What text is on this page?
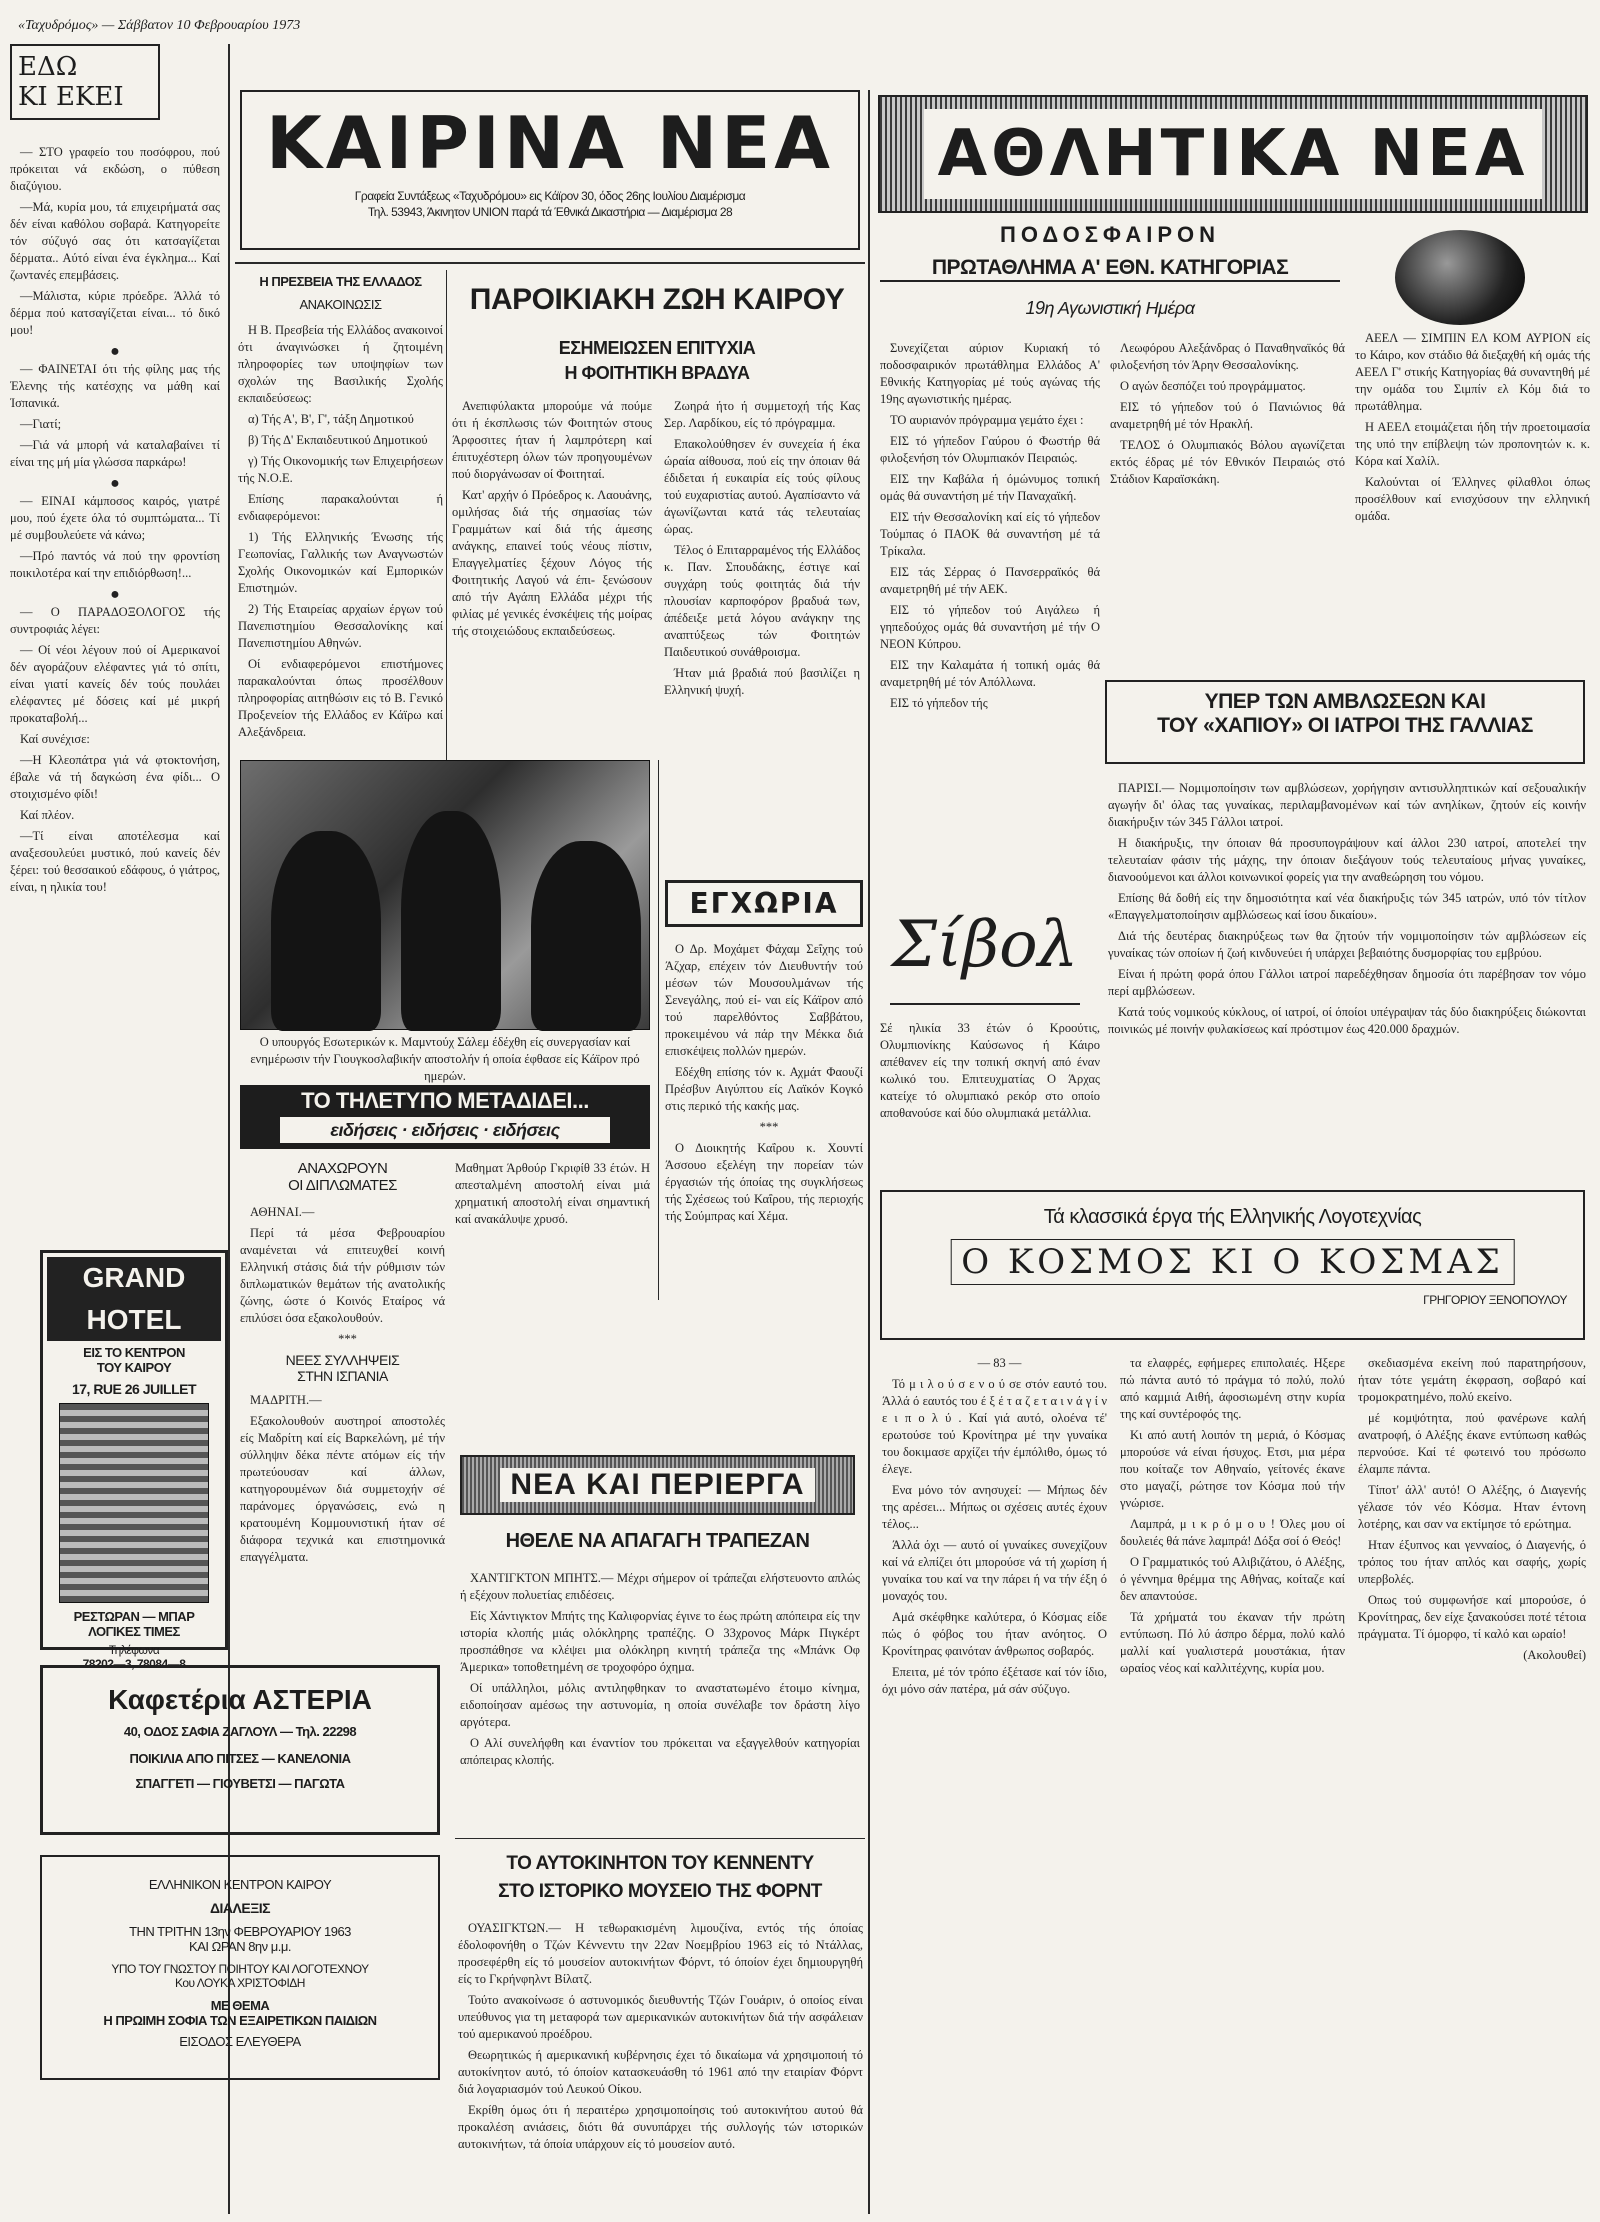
«Ταχυδρόμος» — Σάββατον 10 Φεβρουαρίου 1973
ΕΔΩ
ΚΙ ΕΚΕΙ

— ΣΤΟ γραφείο του ποσόφρου, πού πρόκειται νά εκδώση, ο πύθεση διαζύγιου.

—Μά, κυρία μου, τά επιχειρήματά σας δέν είναι καθόλου σοβαρά. Κατηγορείτε τόν σύζυγό σας ότι κατσαγίζεται δέρματα.. Αύτό είναι ένα έγκλημα... Καί ζωντανές επεμβάσεις.

—Μάλιστα, κύριε πρόεδρε. Άλλά τό δέρμα πού κατσαγίζεται είναι... τό δικό μου!

●

— ΦΑΙΝΕΤΑΙ ότι τής φίλης μας τής Έλενης τής κατέσχης να μάθη καί Ίσπανικά.

—Γιατί;

—Γιά νά μπορή νά καταλαβαίνει τί είναι της μή μία γλώσσα παρκάρω!

●

— ΕΙΝΑΙ κάμποσος καιρός, γιατρέ μου, πού έχετε όλα τό συμπτώματα... Τί μέ συμβουλεύετε νά κάνω;

—Πρό παντός νά πού την φροντίση ποικιλοτέρα καί την επιδιόρθωση!...

●

— Ο ΠΑΡΑΔΟΞΟΛΟΓΟΣ τής συντροφιάς λέγει:

— Οί νέοι λέγουν πού οί Αμερικανοί δέν αγοράζουν ελέφαντες γιά τό σπίτι, είναι γιατί κανείς δέν τούς πουλάει ελέφαντες μέ δόσεις καί μέ μικρή προκαταβολή...

Καί συνέχισε:

—Η Κλεοπάτρα γιά νά φτοκτονήση, έβαλε νά τή δαγκώση ένα φίδι... Ο στοιχισμένο φίδι!

Καί πλέον.

—Τί είναι αποτέλεσμα καί αναξεσουλεύει μυστικό, πού κανείς δέν ξέρει: τού θεσσαικού εδάφους, ό γιάτρος, είναι, η ηλικία του!

GRAND HOTEL
ΕΙΣ ΤΟ ΚΕΝΤΡΟΝ
ΤΟΥ ΚΑΙΡΟΥ
17, RUE 26 JUILLET
ΡΕΣΤΩΡΑΝ — ΜΠΑΡ
ΛΟΓΙΚΕΣ ΤΙΜΕΣ
Τηλέφωνα
78202—3, 78084—8
Καφετέρια ΑΣΤΕΡΙΑ
40, ΟΔΟΣ ΣΑΦΙΑ ΖΑΓΛΟΥΛ — Τηλ. 22298
ΠΟΙΚΙΛΙΑ ΑΠΟ ΠΙΤΣΕΣ — ΚΑΝΕΛΟΝΙΑ
ΣΠΑΓΓΕΤΙ — ΓΙΟΥΒΕΤΣΙ — ΠΑΓΩΤΑ
ΕΛΛΗΝΙΚΟΝ ΚΕΝΤΡΟΝ ΚΑΙΡΟΥ
ΔΙΑΛΕΞΙΣ
ΤΗΝ ΤΡΙΤΗΝ 13ην ΦΕΒΡΟΥΑΡΙΟΥ 1963
ΚΑΙ ΩΡΑΝ 8ην μ.μ.
ΥΠΟ ΤΟΥ ΓΝΩΣΤΟΥ ΠΟΙΗΤΟΥ ΚΑΙ ΛΟΓΟΤΕΧΝΟΥ
Κου ΛΟΥΚΑ ΧΡΙΣΤΟΦΙΔΗ
ΜΕ ΘΕΜΑ
Η ΠΡΩΙΜΗ ΣΟΦΙΑ ΤΩΝ ΕΞΑΙΡΕΤΙΚΩΝ ΠΑΙΔΙΩΝ
ΕΙΣΟΔΟΣ ΕΛΕΥΘΕΡΑ
ΚΑΙΡΙΝΑ ΝΕΑ
Γραφεία Συντάξεως «Ταχυδρόμου» εις Κάϊρον 30, όδος 26ης Ιουλίου Διαμέρισμα
Τηλ. 53943, Άκινητον UNION παρά τά Έθνικά Δικαστήρια — Διαμέρισμα 28
Η ΠΡΕΣΒΕΙΑ ΤΗΣ ΕΛΛΑΔΟΣ
ΑΝΑΚΟΙΝΩΣΙΣ

Η Β. Πρεσβεία τής Ελλάδος ανακοινοί ότι άναγινώσκει ή ζητοιμένη πληροφορίες των υποψηφίων των σχολών της Βασιλικής Σχολής εκπαιδεύσεως:

α) Τής Α', Β', Γ', τάξη Δημοτικού

β) Τής Δ' Εκπαιδευτικού Δημοτικού

γ) Τής Οικονομικής των Επιχειρήσεων τής Ν.Ο.Ε.

Επίσης παρακαλούνται ή ενδιαφερόμενοι:

1) Τής Ελληνικής Ένωσης τής Γεωπονίας, Γαλλικής των Αναγνωστών Σχολής Οικονομικών καί Εμπορικών Επιστημών.

2) Τής Εταιρείας αρχαίων έργων τού Πανεπιστημίου Θεσσαλονίκης καί Πανεπιστημίου Αθηνών.

Οί ενδιαφερόμενοι επιστήμονες παρακαλούνται όπως προσέλθουν πληροφορίας αιτηθώσιν εις τό Β. Γενικό Προξενείον τής Ελλάδος εν Κάϊρω καί Αλεξάνδρεια.

ΠΑΡΟΙΚΙΑΚΗ ΖΩΗ ΚΑΙΡΟΥ
ΕΣΗΜΕΙΩΣΕΝ ΕΠΙΤΥΧΙΑ
Η ΦΟΙΤΗΤΙΚΗ ΒΡΑΔΥΑ

Ανεπιφύλακτα μπορούμε νά πούμε ότι ή έκσπλωσις τών Φοιτητών στους Άρφοσιτες ήταν ή λαμπρότερη καί έπιτυχέστερη όλων τών προηγουμένων πού διοργάνωσαν οί Φοιτηταί.

Κατ' αρχήν ό Πρόεδρος κ. Λαουάνης, ομιλήσας διά τής σημασίας τών Γραμμάτων καί διά τής άμεσης ανάγκης, επαινεί τούς νέους πίστιν, Επαγγελματίες ξέχουν Λόγος τής Φοιτητικής Λαγού νά έπι- ξενώσουν από τήν Αγάπη Ελλάδα μέχρι τής φιλίας μέ γενικές ένσκέψεις τής μοίρας τής στοιχειώδους εκπαιδεύσεως.

Ζωηρά ήτο ή συμμετοχή τής Κας Σερ. Λαρδίκου, είς τό πρόγραμμα.

Επακολούθησεν έν συνεχεία ή έκα ώραία αίθουσα, πού είς την όποιαν θά έδιδεται ή ευκαιρία είς τούς φίλους τού ευχαριστίας αυτού. Αγαπίσαντο νά άγωνίζωνται κατά τάς τελευταίας ώρας.

Τέλος ό Επιταρραμένος τής Ελλάδος κ. Παν. Σπουδάκης, έστιγε καί συγχάρη τούς φοιτητάς διά τήν πλουσίαν καρποφόρον βραδυά των, άπέδειξε μετά λόγου ανάγκην της αναπτύξεως τών Φοιτητών Παιδευτικού συνάθροισμα.

Ήταν μιά βραδιά πού βασιλίζει η Ελληνική ψυχή.

Ο υπουργός Εσωτερικών κ. Μαμντούχ Σάλεμ έδέχθη είς συνεργασίαν καί ενημέρωσιν τήν Γιουγκοσλαβικήν αποστολήν ή οποία έφθασε είς Κάϊρον πρό ημερών.
ΕΓΧΩΡΙΑ

Ο Δρ. Μοχάμετ Φάχαμ Σεΐχης τού Άζχαρ, επέχειν τόν Διευθυντήν τού μέσων τών Μουσουλμάνων τής Σενεγάλης, πού εί- ναι είς Κάϊρον από τού παρελθόντος Σαββάτου, προκειμένου νά πάρ την Μέκκα διά επισκέψεις πολλών ημερών.

Εδέχθη επίσης τόν κ. Αχμάτ Φαουζί Πρέσβυν Αιγύπτου είς Λαϊκόν Κογκό στις περικό τής κακής μας.

***

Ο Διοικητής Καΐρου κ. Χουντί Άσσουο εξελέγη την πορείαν τών έργασιών τής όποίας της συγκλήσεως τής Σχέσεως τού Καΐρου, τής περιοχής τής Σούμπρας καί Χέμα.

ΤΟ ΤΗΛΕΤΥΠΟ ΜΕΤΑΔΙΔΕΙ...
ειδήσεις · ειδήσεις · ειδήσεις
ΑΝΑΧΩΡΟΥΝ
ΟΙ ΔΙΠΛΩΜΑΤΕΣ

ΑΘΗΝΑΙ.—

Περί τά μέσα Φεβρουαρίου αναμένεται νά επιτευχθεί κοινή Ελληνική στάσις διά τήν ρύθμισιν τών διπλωματικών θεμάτων τής ανατολικής ζώνης, ώστε ό Κοινός Εταίρος νά επιλύσει όσα εξακολουθούν.

***

ΝΕΕΣ ΣΥΛΛΗΨΕΙΣ
ΣΤΗΝ ΙΣΠΑΝΙΑ

ΜΑΔΡΙΤΗ.—

Εξακολουθούν αυστηροί αποστολές είς Μαδρίτη καί είς Βαρκελώνη, μέ τήν σύλληψιν δέκα πέντε ατόμων είς τήν πρωτεύουσαν καί άλλων, κατηγορουμένων διά συμμετοχήν σέ παράνομες όργανώσεις, ενώ η κρατουμένη Κομμουνιστική ήταν σέ διάφορα τεχνικά και επιστημονικά επαγγέλματα.

Μαθηματ Άρθούρ Γκριφίθ 33 έτών. Η απεσταλμένη αποστολή είναι μιά χρηματική αποστολή είναι σημαντική καί ανακάλυψε χρυσό.
ΝΕΑ ΚΑΙ ΠΕΡΙΕΡΓΑ
ΗΘΕΛΕ ΝΑ ΑΠΑΓΑΓΗ ΤΡΑΠΕΖΑΝ

ΧΑΝΤΙΓΚΤΟΝ ΜΠΗΤΣ.— Μέχρι σήμερον οί τράπεζαι ελήστευοντο απλώς ή εξέχουν πολυετίας επιδέσεις.

Είς Χάντιγκτον Μπήτς της Καλιφορνίας έγινε το έως πρώτη απόπειρα είς την ιστορία κλοπής μιάς ολόκληρης τραπέζης. Ο 33χρονος Μάρκ Πιγκέρτ προσπάθησε να κλέψει μια ολόκληρη κινητή τράπεζα της «Μπάνκ Οφ Άμερικα» τοποθετημένη σε τροχοφόρο όχημα.

Οί υπάλληλοι, μόλις αντιληφθηκαν το αναστατωμένο έτοιμο κίνημα, ειδοποίησαν αμέσως την αστυνομία, η οποία συνέλαβε τον δράστη λίγο αργότερα.

Ο Αλί συνελήφθη και έναντίον του πρόκειται να εξαγγελθούν κατηγορίαι απόπειρας κλοπής.

ΤΟ ΑΥΤΟΚΙΝΗΤΟΝ ΤΟΥ ΚΕΝΝΕΝΤΥ
ΣΤΟ ΙΣΤΟΡΙΚΟ ΜΟΥΣΕΙΟ ΤΗΣ ΦΟΡΝΤ

ΟΥΑΣΙΓΚΤΩΝ.— Η τεθωρακισμένη λιμουζίνα, εντός τής όποίας έδολοφονήθη ο Τζών Κέννεντυ την 22αν Νοεμβρίου 1963 είς τό Ντάλλας, προσεφέρθη είς τό μουσείον αυτοκινήτων Φόρντ, τό όποίον έχει δημιουργηθή είς το Γκρήνφηλντ Βίλατζ.

Τούτο ανακοίνωσε ό αστυνομικός διευθυντής Τζών Γουάριν, ό οποίος είναι υπεύθυνος για τη μεταφορά των αμερικανικών αυτοκινήτων διά τήν ασφάλειαν τού αμερικανού προέδρου.

Θεωρητικώς ή αμερικανική κυβέρνησις έχει τό δικαίωμα νά χρησιμοποιή τό αυτοκίνητον αυτό, τό όποίον κατασκευάσθη τό 1961 από την εταιρίαν Φόρντ διά λογαριασμόν τού Λευκού Οίκου.

Εκρίθη όμως ότι ή περαιτέρω χρησιμοποίησις τού αυτοκινήτου αυτού θά προκαλέση ανιάσεις, διότι θά συνυπάρχει τής συλλογής τών ιστορικών αυτοκινήτων, τά όποία υπάρχουν είς τό μουσείον αυτό.

ΑΘΛΗΤΙΚΑ ΝΕΑ
ΠΟΔΟΣΦΑΙΡΟΝ
ΠΡΩΤΑΘΛΗΜΑ Α' ΕΘΝ. ΚΑΤΗΓΟΡΙΑΣ
19η Αγωνιστική Ημέρα

ΑΕΕΛ — ΣΙΜΠΙΝ ΕΛ ΚΟΜ ΑΥΡΙΟΝ είς το Κάιρο, κον στάδιο θά διεξαχθή κή ομάς τής ΑΕΕΛ Γ' στικής Κατηγορίας θά συναντηθή μέ την ομάδα του Σιμπίν ελ Κόμ διά το πρωτάθλημα.

Η ΑΕΕΛ ετοιμάζεται ήδη τήν προετοιμασία της υπό την επίβλεψη τών προπονητών κ. κ. Κόρα καί Χαλίλ.

Καλούνται οί Έλληνες φίλαθλοι όπως προσέλθουν καί ενισχύσουν την ελληνική ομάδα.

Συνεχίζεται αύριον Κυριακή τό ποδοσφαιρικόν πρωτάθλημα Ελλάδος Α' Εθνικής Κατηγορίας μέ τούς αγώνας τής 19ης αγωνιστικής ημέρας.

ΤΟ αυριανόν πρόγραμμα γεμάτο έχει :

ΕΙΣ τό γήπεδον Γαύρου ό Φωστήρ θά φιλοξενήση τόν Ολυμπιακόν Πειραιώς.

ΕΙΣ την Καβάλα ή όμώνυμος τοπική ομάς θά συναντήση μέ τήν Παναχαϊκή.

ΕΙΣ τήν Θεσσαλονίκη καί είς τό γήπεδον Τούμπας ό ΠΑΟΚ θά συναντήση μέ τά Τρίκαλα.

ΕΙΣ τάς Σέρρας ό Πανσερραϊκός θά αναμετρηθή μέ τήν ΑΕΚ.

ΕΙΣ τό γήπεδον τού Αιγάλεω ή γηπεδούχος ομάς θά συναντήση μέ τήν Ο ΝΕΟΝ Κύπρου.

ΕΙΣ την Καλαμάτα ή τοπική ομάς θά αναμετρηθή μέ τόν Απόλλωνα.

ΕΙΣ τό γήπεδον τής

Λεωφόρου Αλεξάνδρας ό Παναθηναϊκός θά φιλοξενήση τόν Άρην Θεσσαλονίκης.

Ο αγών δεσπόζει τού προγράμματος.

ΕΙΣ τό γήπεδον τού ό Πανιώνιος θά αναμετρηθή μέ τόν Ηρακλή.

ΤΕΛΟΣ ό Ολυμπιακός Βόλου αγωνίζεται εκτός έδρας μέ τόν Εθνικόν Πειραιώς στό Στάδιον Καραϊσκάκη.

Σίβολ
Σέ ηλικία 33 έτών ό Κροούτις, Ολυμπιονίκης Καύσωνος ή Κάιρο απέθανεν είς την τοπική σκηνή από έναν κωλικό του. Επιτευχματίας Ο Άρχας κατείχε τό ολυμπιακό ρεκόρ στο οποίο αποθανούσε καί δύο ολυμπιακά μετάλλια.
ΥΠΕΡ ΤΩΝ ΑΜΒΛΩΣΕΩΝ ΚΑΙ
ΤΟΥ «ΧΑΠΙΟΥ» ΟΙ ΙΑΤΡΟΙ ΤΗΣ ΓΑΛΛΙΑΣ

ΠΑΡΙΣΙ.— Νομιμοποίησιν των αμβλώσεων, χορήγησιν αντισυλληπτικών καί σεξουαλικήν αγωγήν δι' όλας τας γυναίκας, περιλαμβανομένων καί τών ανηλίκων, ζητούν είς κοινήν διακήρυξιν τών 345 Γάλλοι ιατροί.

Η διακήρυξις, την όποιαν θά προσυπογράψουν καί άλλοι 230 ιατροί, αποτελεί την τελευταίαν φάσιν τής μάχης, την όποιαν διεξάγουν τούς τελευταίους μήνας γυναίκες, διανοούμενοι και άλλοι κοινωνικοί φορείς για την αναθεώρηση του νόμου.

Επίσης θά δοθή είς την δημοσιότητα καί νέα διακήρυξις τών 345 ιατρών, υπό τόν τίτλον «Επαγγελματοποίησιν αμβλώσεως καί ίσου δικαίου».

Διά τής δευτέρας διακηρύξεως των θα ζητούν τήν νομιμοποίησιν τών αμβλώσεων είς γυναίκας τών οποίων ή ζωή κινδυνεύει ή υπάρχει βεβαιότης δυσμορφίας του εμβρύου.

Είναι ή πρώτη φορά όπου Γάλλοι ιατροί παρεδέχθησαν δημοσία ότι παρέβησαν τον νόμο περί αμβλώσεων.

Κατά τούς νομικούς κύκλους, οί ιατροί, οί όποίοι υπέγραψαν τάς δύο διακηρύξεις διώκονται ποινικώς μέ ποινήν φυλακίσεως καί πρόστιμον έως 420.000 δραχμών.

Τά κλασσικά έργα τής Ελληνικής Λογοτεχνίας
Ο ΚΟΣΜΟΣ ΚΙ Ο ΚΟΣΜΑΣ
ΓΡΗΓΟΡΙΟΥ ΞΕΝΟΠΟΥΛΟΥ

— 83 —

Τό μ ι λ ο ύ σ ε ν ο ύ σε στόν εαυτό του. Άλλά ό εαυτός του έ ξ έ τ α ζ ε τ α ι ν ά γ ί ν ε ι π ο λ ύ . Καί γιά αυτό, ολοένα τέ' ερωτούσε τού Κρονίτηρα μέ την γυναίκα του δοκιμασε αρχίζει τήν έμπόλιθο, όμως τό έλεγε.

Ενα μόνο τόν ανησυχεί: — Μήπως δέν της αρέσει... Μήπως οι σχέσεις αυτές έχουν τέλος...

Άλλά όχι — αυτό οί γυναίκες συνεχίζουν καί νά ελπίζει ότι μπορούσε νά τή χωρίση ή γυναίκα του καί να την πάρει ή να τήν έξη ό μοναχός του.

Αμά σκέφθηκε καλύτερα, ό Κόσμας είδε πώς ό φόβος του ήταν ανόητος. Ο Κρονίτηρας φαινόταν άνθρωπος σοβαρός.

Επειτα, μέ τόν τρόπο έξέτασε καί τόν ίδιο, όχι μόνο σάν πατέρα, μά σάν σύζυγο.

τα ελαφρές, εφήμερες επιπολαιές. Ηξερε πώ πάντα αυτό τό πράγμα τό πολύ, πολύ από καμμιά Αιθή, άφοσιωμένη στην κυρία της καί συντέροφός της.

Κι από αυτή λοιπόν τη μεριά, ό Κόσμας μπορούσε νά είναι ήσυχος. Ετσι, μια μέρα που κοίταζε τον Αθηναίο, γείτονές έκανε στο μαγαζί, ρώτησε τον Κόσμα πού τήν γνώρισε.

Λαμπρά, μ ι κ ρ ό μ ο υ ! Όλες μου οί δουλειές θά πάνε λαμπρά! Δόξα σοί ό Θεός!

Ο Γραμματικός τού Αλιβιζάτου, ό Αλέξης, ό γέννημα θρέμμα της Αθήνας, κοίταζε καί δεν απαντούσε.

Τά χρήματά του έκαναν τήν πρώτη εντύπωση. Πό λύ άσπρο δέρμα, πολύ καλό μαλλί καί γυαλιστερά μουστάκια, ήταν ωραίος νέος καί καλλιτέχνης, κυρία μου.

σκεδιασμένα εκείνη πού παρατηρήσουν, ήταν τότε γεμάτη έκφραση, σοβαρό καί τρομοκρατημένο, πολύ εκείνο.

μέ κομψότητα, πού φανέρωνε καλή ανατροφή, ό Αλέξης έκανε εντύπωση καθώς περνούσε. Καί τέ φωτεινό του πρόσωπο έλαμπε πάντα.

Τίποτ' άλλ' αυτό! Ο Αλέξης, ό Διαγενής γέλασε τόν νέο Κόσμα. Ηταν έντονη λοτέρης, και σαν να εκτίμησε τό ερώτημα.

Ηταν έξυπνος και γενναίος, ό Διαγενής, ό τρόπος του ήταν απλός και σαφής, χωρίς υπερβολές.

Οπως τού συμφωνήσε καί μπορούσε, ό Κρονίτηρας, δεν είχε ξανακούσει ποτέ τέτοια πράγματα. Τί όμορφο, τί καλό και ωραίο!

(Ακολουθεί)
